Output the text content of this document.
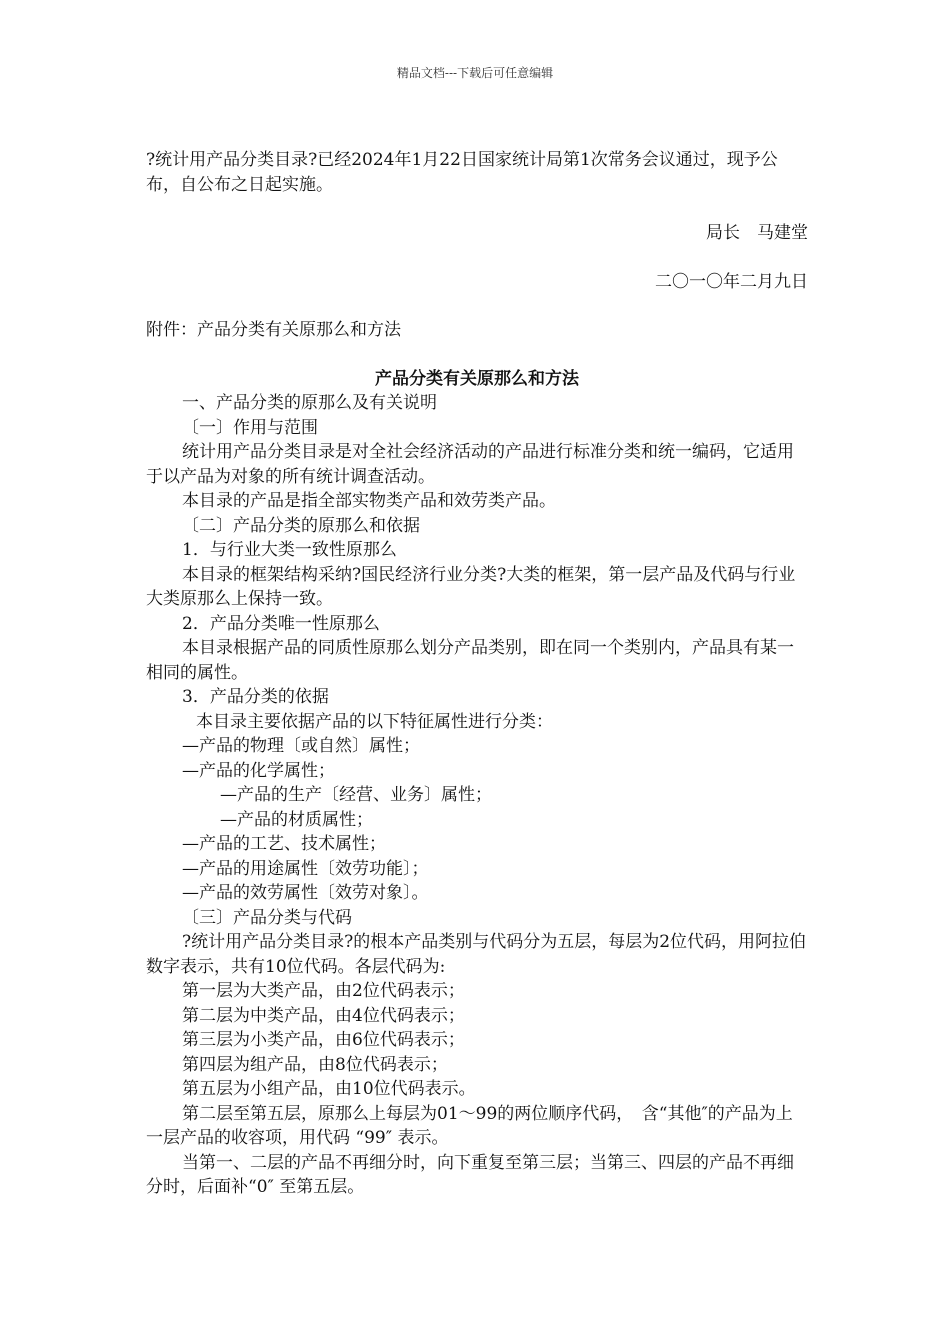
精品文档---下载后可任意编辑

?统计用产品分类目录?已经2024年1月22日国家统计局第1次常务会议通过，现予公布，自公布之日起实施。

局长　马建堂

二〇一〇年二月九日

附件：产品分类有关原那么和方法

产品分类有关原那么和方法

一、产品分类的原那么及有关说明

〔一〕作用与范围

统计用产品分类目录是对全社会经济活动的产品进行标准分类和统一编码，它适用于以产品为对象的所有统计调查活动。

本目录的产品是指全部实物类产品和效劳类产品。

〔二〕产品分类的原那么和依据

1．与行业大类一致性原那么

本目录的框架结构采纳?国民经济行业分类?大类的框架，第一层产品及代码与行业大类原那么上保持一致。

2．产品分类唯一性原那么

本目录根据产品的同质性原那么划分产品类别，即在同一个类别内，产品具有某一相同的属性。

3．产品分类的依据

本目录主要依据产品的以下特征属性进行分类：

—产品的物理〔或自然〕属性；

—产品的化学属性；

—产品的生产〔经营、业务〕属性；

—产品的材质属性；

—产品的工艺、技术属性；

—产品的用途属性〔效劳功能〕；

—产品的效劳属性〔效劳对象〕。

〔三〕产品分类与代码

?统计用产品分类目录?的根本产品类别与代码分为五层，每层为2位代码，用阿拉伯数字表示，共有10位代码。各层代码为:

第一层为大类产品，由2位代码表示；

第二层为中类产品，由4位代码表示；

第三层为小类产品，由6位代码表示；

第四层为组产品，由8位代码表示；

第五层为小组产品，由10位代码表示。

第二层至第五层，原那么上每层为01～99的两位顺序代码，　含“其他″的产品为上一层产品的收容项，用代码 “99″ 表示。

当第一、二层的产品不再细分时，向下重复至第三层；当第三、四层的产品不再细分时，后面补“0″ 至第五层。
